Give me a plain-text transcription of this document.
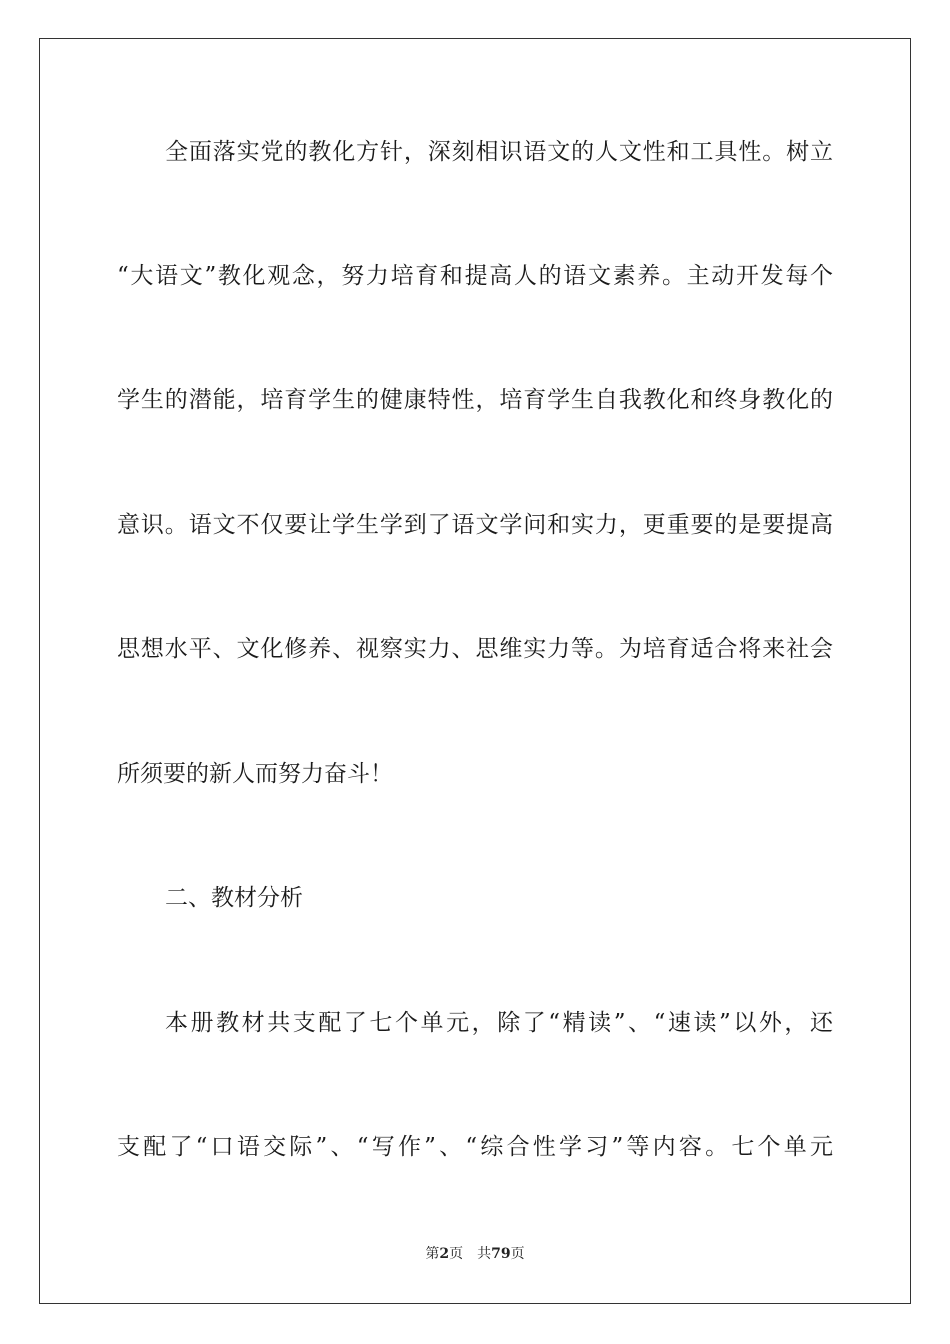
全面落实党的教化方针，深刻相识语文的人文性和工具性。树立
“大语文”教化观念，努力培育和提高人的语文素养。主动开发每个
学生的潜能，培育学生的健康特性，培育学生自我教化和终身教化的
意识。语文不仅要让学生学到了语文学问和实力，更重要的是要提高
思想水平、文化修养、视察实力、思维实力等。为培育适合将来社会
所须要的新人而努力奋斗！
二、教材分析
本册教材共支配了七个单元，除了“精读”、“速读”以外，还
支配了“口语交际”、“写作”、“综合性学习”等内容。七个单元
第2页 共79页
